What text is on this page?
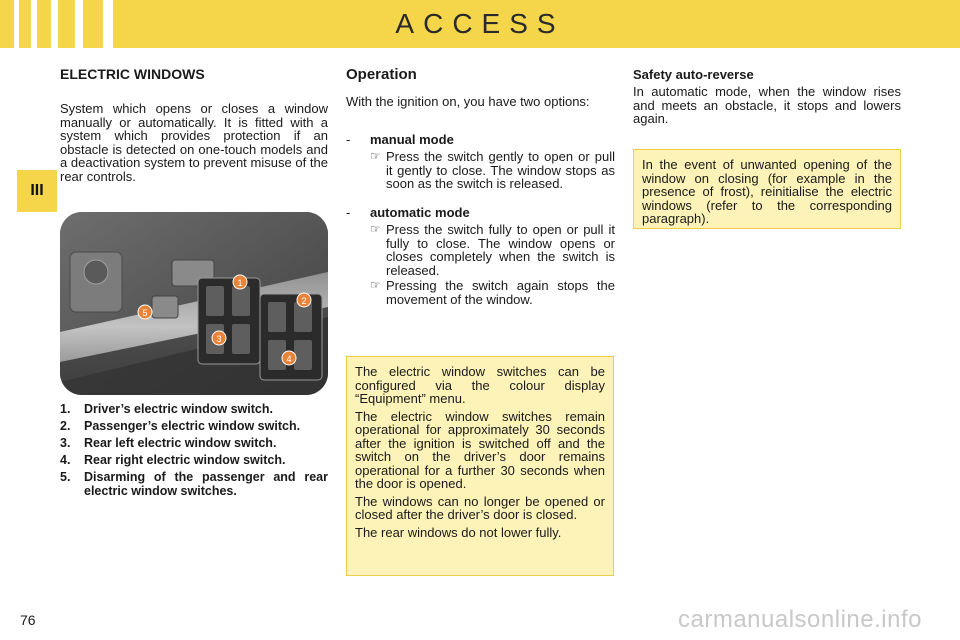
ACCESS
III
ELECTRIC WINDOWS
System which opens or closes a window manually or automatically. It is fitted with a system which provides protection if an obstacle is detected on one-touch models and a deactivation system to prevent misuse of the rear controls.
1
2
3
4
5
1.	Driver’s electric window switch.
2.	Passenger’s electric window switch.
3.	Rear left electric window switch.
4.	Rear right electric window switch.
5.	Disarming of the passenger and rear electric window switches.
Operation
With the ignition on, you have two options:
- manual mode
☞ Press the switch gently to open or pull it gently to close. The window stops as soon as the switch is released.
- automatic mode
☞ Press the switch fully to open or pull it fully to close. The window opens or closes completely when the switch is released.
☞ Pressing the switch again stops the movement of the window.

The electric window switches can be configured via the colour display “Equipment” menu.

The electric window switches remain operational for approximately 30 seconds after the ignition is switched off and the switch on the driver’s door remains operational for a further 30 seconds when the door is opened.

The windows can no longer be opened or closed after the driver’s door is closed.

The rear windows do not lower fully.

Safety auto-reverse
In automatic mode, when the window rises and meets an obstacle, it stops and lowers again.

In the event of unwanted opening of the window on closing (for example in the presence of frost), reinitialise the electric windows (refer to the corresponding paragraph).

76	carmanualsonline.info
